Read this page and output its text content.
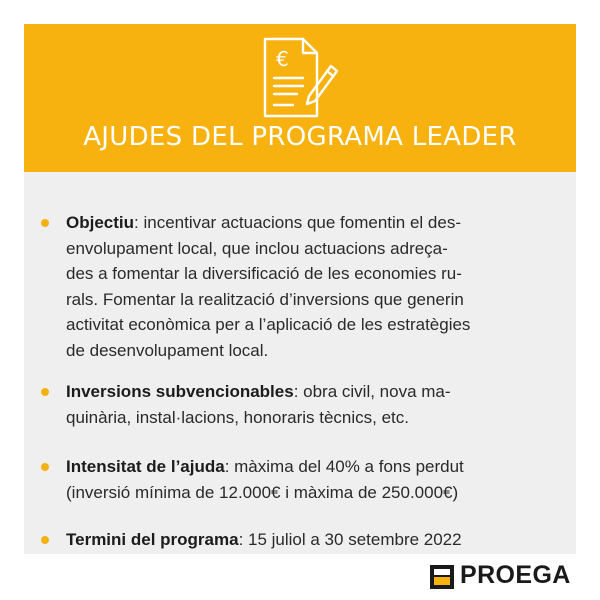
€
AJUDES DEL PROGRAMA LEADER
Objectiu: incentivar actuacions que fomentin el des-
envolupament local, que inclou actuacions adreça-
des a fomentar la diversificació de les economies ru-
rals. Fomentar la realització d’inversions que generin
activitat econòmica per a l’aplicació de les estratègies
de desenvolupament local.
Inversions subvencionables: obra civil, nova ma-
quinària, instal·lacions, honoraris tècnics, etc.
Intensitat de l’ajuda: màxima del 40% a fons perdut
(inversió mínima de 12.000€ i màxima de 250.000€)
Termini del programa: 15 juliol a 30 setembre 2022
PROEGA
